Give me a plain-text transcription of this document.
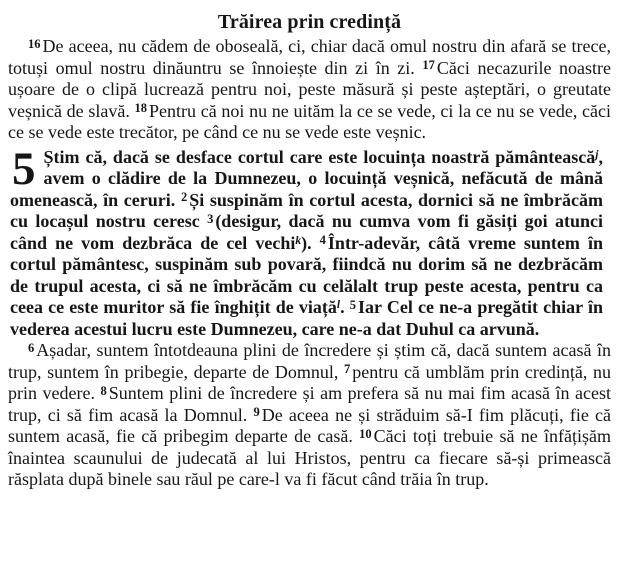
Trăirea prin credință

$^{16}$ De aceea, nu cădem de oboseală, ci, chiar dacă omul nostru din afară se trece, totuși omul nostru dinăuntru se înnoiește din zi în zi. $^{17}$ Căci necazurile noastre ușoare de o clipă lucrează pentru noi, peste măsură și peste așteptări, o greutate veșnică de slavă. $^{18}$ Pentru că noi nu ne uităm la ce se vede, ci la ce nu se vede, căci ce se vede este trecător, pe când ce nu se vede este veșnic.

5 Știm că, dacă se desface cortul care este locuința noastră pământească$^j$, avem o clădire de la Dumnezeu, o locuință veșnică, nefăcută de mână omenească, în ceruri. $^2$ Și suspinăm în cortul acesta, dornici să ne îmbrăcăm cu locașul nostru ceresc $^3$ (desigur, dacă nu cumva vom fi găsiți goi atunci când ne vom dezbrăca de cel vechi$^k$). $^4$ Într-adevăr, câtă vreme suntem în cortul pământesc, suspinăm sub povară, fiindcă nu dorim să ne dezbrăcăm de trupul acesta, ci să ne îmbrăcăm cu celălalt trup peste acesta, pentru ca ceea ce este muritor să fie înghițit de viață$^l$. $^5$ Iar Cel ce ne-a pregătit chiar în vederea acestui lucru este Dumnezeu, care ne-a dat Duhul ca arvună.

$^6$ Așadar, suntem întotdeauna plini de încredere și știm că, dacă suntem acasă în trup, suntem în pribegie, departe de Domnul, $^7$ pentru că umblăm prin credință, nu prin vedere. $^8$ Suntem plini de încredere și am prefera să nu mai fim acasă în acest trup, ci să fim acasă la Domnul. $^9$ De aceea ne și străduim să-I fim plăcuți, fie că suntem acasă, fie că pribegim departe de casă. $^{10}$ Căci toți trebuie să ne înfățișăm înaintea scaunului de judecată al lui Hristos, pentru ca fiecare să-și primească răsplata după binele sau răul pe care-l va fi făcut când trăia în trup.
